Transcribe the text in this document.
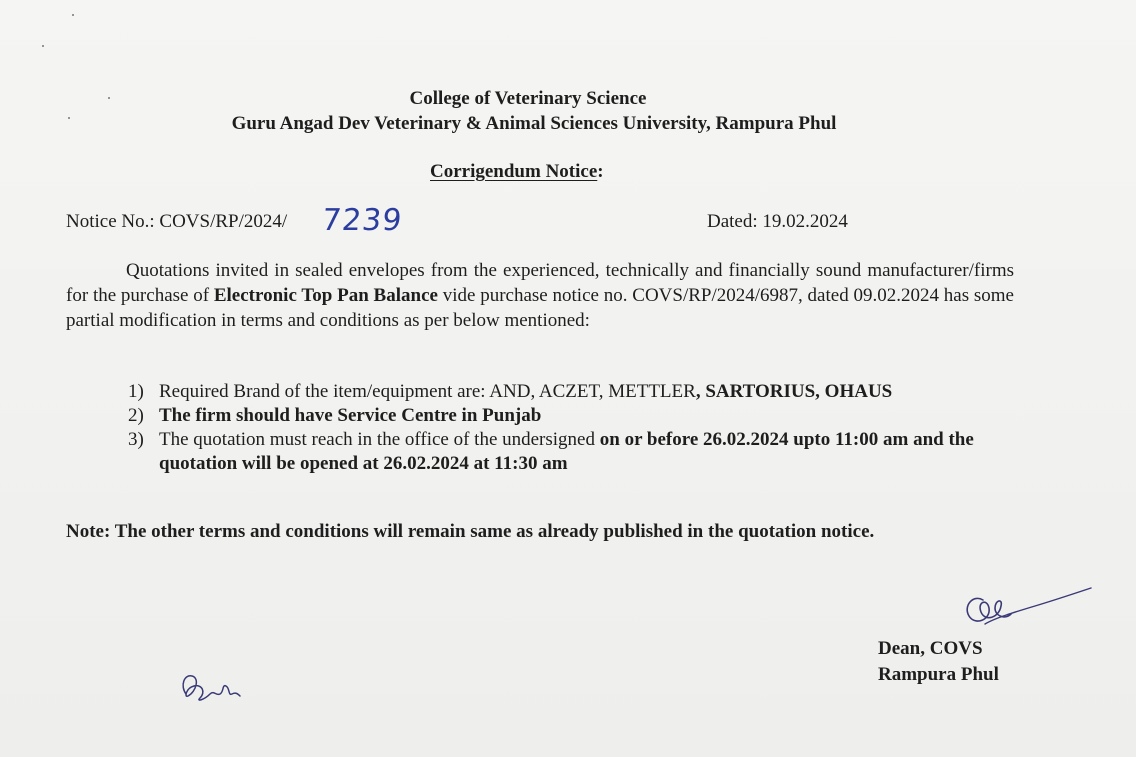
College of Veterinary Science
Guru Angad Dev Veterinary & Animal Sciences University, Rampura Phul
Corrigendum Notice:
Notice No.: COVS/RP/2024/ 7239	Dated: 19.02.2024
Quotations invited in sealed envelopes from the experienced, technically and financially sound manufacturer/firms for the purchase of Electronic Top Pan Balance vide purchase notice no. COVS/RP/2024/6987, dated 09.02.2024 has some partial modification in terms and conditions as per below mentioned:
1) Required Brand of the item/equipment are: AND, ACZET, METTLER, SARTORIUS, OHAUS
2) The firm should have Service Centre in Punjab
3) The quotation must reach in the office of the undersigned on or before 26.02.2024 upto 11:00 am and the quotation will be opened at 26.02.2024 at 11:30 am
Note: The other terms and conditions will remain same as already published in the quotation notice.
Dean, COVS
Rampura Phul
